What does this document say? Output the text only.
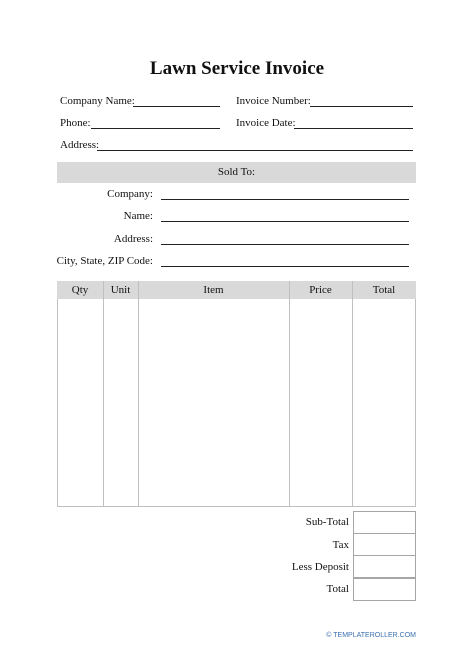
Lawn Service Invoice
Company Name:	Invoice Number:
Phone:	Invoice Date:
Address:
Sold To:
Company:
Name:
Address:
City, State, ZIP Code:
Qty	Unit	Item	Price	Total
Sub-Total
Tax
Less Deposit
Total
© TEMPLATEROLLER.COM
